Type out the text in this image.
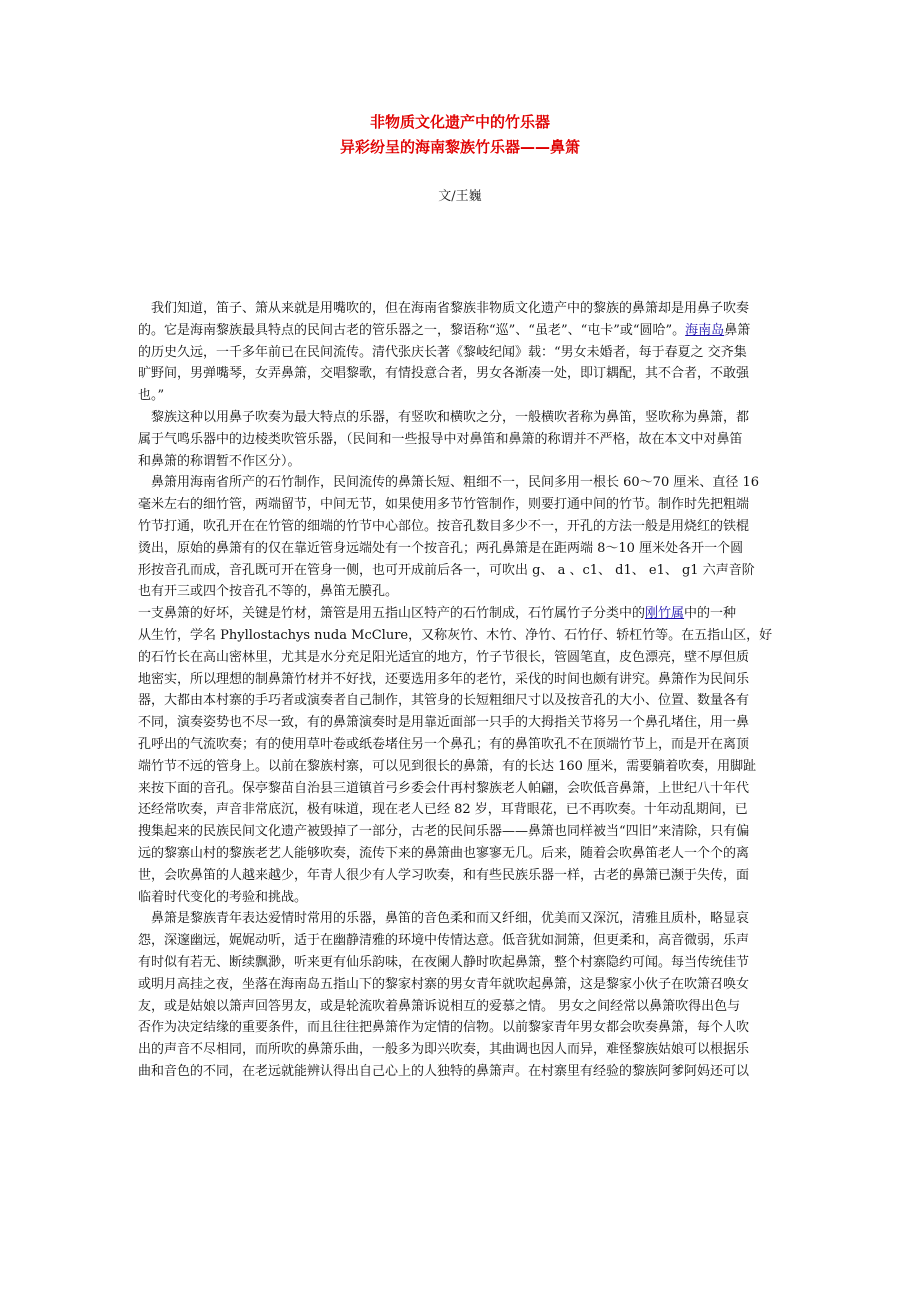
非物质文化遗产中的竹乐器
异彩纷呈的海南黎族竹乐器——鼻箫
文/王巍

　我们知道，笛子、箫从来就是用嘴吹的，但在海南省黎族非物质文化遗产中的黎族的鼻箫却是用鼻子吹奏
的。它是海南黎族最具特点的民间古老的管乐器之一，黎语称“巡”、“虽老”、“屯卡”或“圆哈”。海南岛鼻箫
的历史久远，一千多年前已在民间流传。清代张庆长著《黎岐纪闻》载：“男女未婚者，每于春夏之 交齐集
旷野间，男弹嘴琴，女弄鼻箫，交唱黎歌，有情投意合者，男女各渐凑一处，即订耦配，其不合者，不敢强
也。”

　黎族这种以用鼻子吹奏为最大特点的乐器，有竖吹和横吹之分，一般横吹者称为鼻笛，竖吹称为鼻箫，都
属于气鸣乐器中的边棱类吹管乐器，（民间和一些报导中对鼻笛和鼻箫的称谓并不严格，故在本文中对鼻笛
和鼻箫的称谓暂不作区分）。

　鼻箫用海南省所产的石竹制作，民间流传的鼻箫长短、粗细不一，民间多用一根长 60～70 厘米、直径 16
毫米左右的细竹管，两端留节，中间无节，如果使用多节竹管制作，则要打通中间的竹节。制作时先把粗端
竹节打通，吹孔开在在竹管的细端的竹节中心部位。按音孔数目多少不一，开孔的方法一般是用烧红的铁棍
烫出，原始的鼻箫有的仅在靠近管身远端处有一个按音孔；两孔鼻箫是在距两端 8～10 厘米处各开一个圆
形按音孔而成，音孔既可开在管身一侧，也可开成前后各一，可吹出 g、 a 、c1、 d1、 e1、 g1 六声音阶
也有开三或四个按音孔不等的，鼻笛无膜孔。

一支鼻箫的好坏，关键是竹材，箫管是用五指山区特产的石竹制成，石竹属竹子分类中的刚竹属中的一种
从生竹，学名 Phyllostachys nuda McClure，又称灰竹、木竹、净竹、石竹仔、轿杠竹等。在五指山区，好
的石竹长在高山密林里，尤其是水分充足阳光适宜的地方，竹子节很长，管圆笔直，皮色漂亮，壁不厚但质
地密实，所以理想的制鼻箫竹材并不好找，还要选用多年的老竹，采伐的时间也颇有讲究。鼻箫作为民间乐
器，大都由本村寨的手巧者或演奏者自己制作，其管身的长短粗细尺寸以及按音孔的大小、位置、数量各有
不同，演奏姿势也不尽一致，有的鼻箫演奏时是用靠近面部一只手的大拇指关节将另一个鼻孔堵住，用一鼻
孔呼出的气流吹奏；有的使用草叶卷或纸卷堵住另一个鼻孔；有的鼻笛吹孔不在顶端竹节上，而是开在离顶
端竹节不远的管身上。以前在黎族村寨，可以见到很长的鼻箫，有的长达 160 厘米，需要躺着吹奏，用脚趾
来按下面的音孔。保亭黎苗自治县三道镇首弓乡委会什再村黎族老人帕翩，会吹低音鼻箫，上世纪八十年代
还经常吹奏，声音非常底沉，极有味道，现在老人已经 82 岁，耳背眼花，已不再吹奏。十年动乱期间，已
搜集起来的民族民间文化遗产被毁掉了一部分，古老的民间乐器——鼻箫也同样被当“四旧”来清除，只有偏
远的黎寨山村的黎族老艺人能够吹奏，流传下来的鼻箫曲也寥寥无几。后来，随着会吹鼻笛老人一个个的离
世，会吹鼻笛的人越来越少，年青人很少有人学习吹奏，和有些民族乐器一样，古老的鼻箫已濒于失传，面
临着时代变化的考验和挑战。

　鼻箫是黎族青年表达爱情时常用的乐器，鼻笛的音色柔和而又纤细，优美而又深沉，清雅且质朴，略显哀
怨，深邃幽远，娓娓动听，适于在幽静清雅的环境中传情达意。低音犹如洞箫，但更柔和，高音微弱，乐声
有时似有若无、断续飘渺，听来更有仙乐韵味，在夜阑人静时吹起鼻箫，整个村寨隐约可闻。每当传统佳节
或明月高挂之夜，坐落在海南岛五指山下的黎家村寨的男女青年就吹起鼻箫，这是黎家小伙子在吹箫召唤女
友，或是姑娘以箫声回答男友，或是轮流吹着鼻箫诉说相互的爱慕之情。 男女之间经常以鼻箫吹得出色与
否作为决定结缘的重要条件，而且往往把鼻箫作为定情的信物。以前黎家青年男女都会吹奏鼻箫，每个人吹
出的声音不尽相同，而所吹的鼻箫乐曲，一般多为即兴吹奏，其曲调也因人而异，难怪黎族姑娘可以根据乐
曲和音色的不同，在老远就能辨认得出自己心上的人独特的鼻箫声。在村寨里有经验的黎族阿爹阿妈还可以
